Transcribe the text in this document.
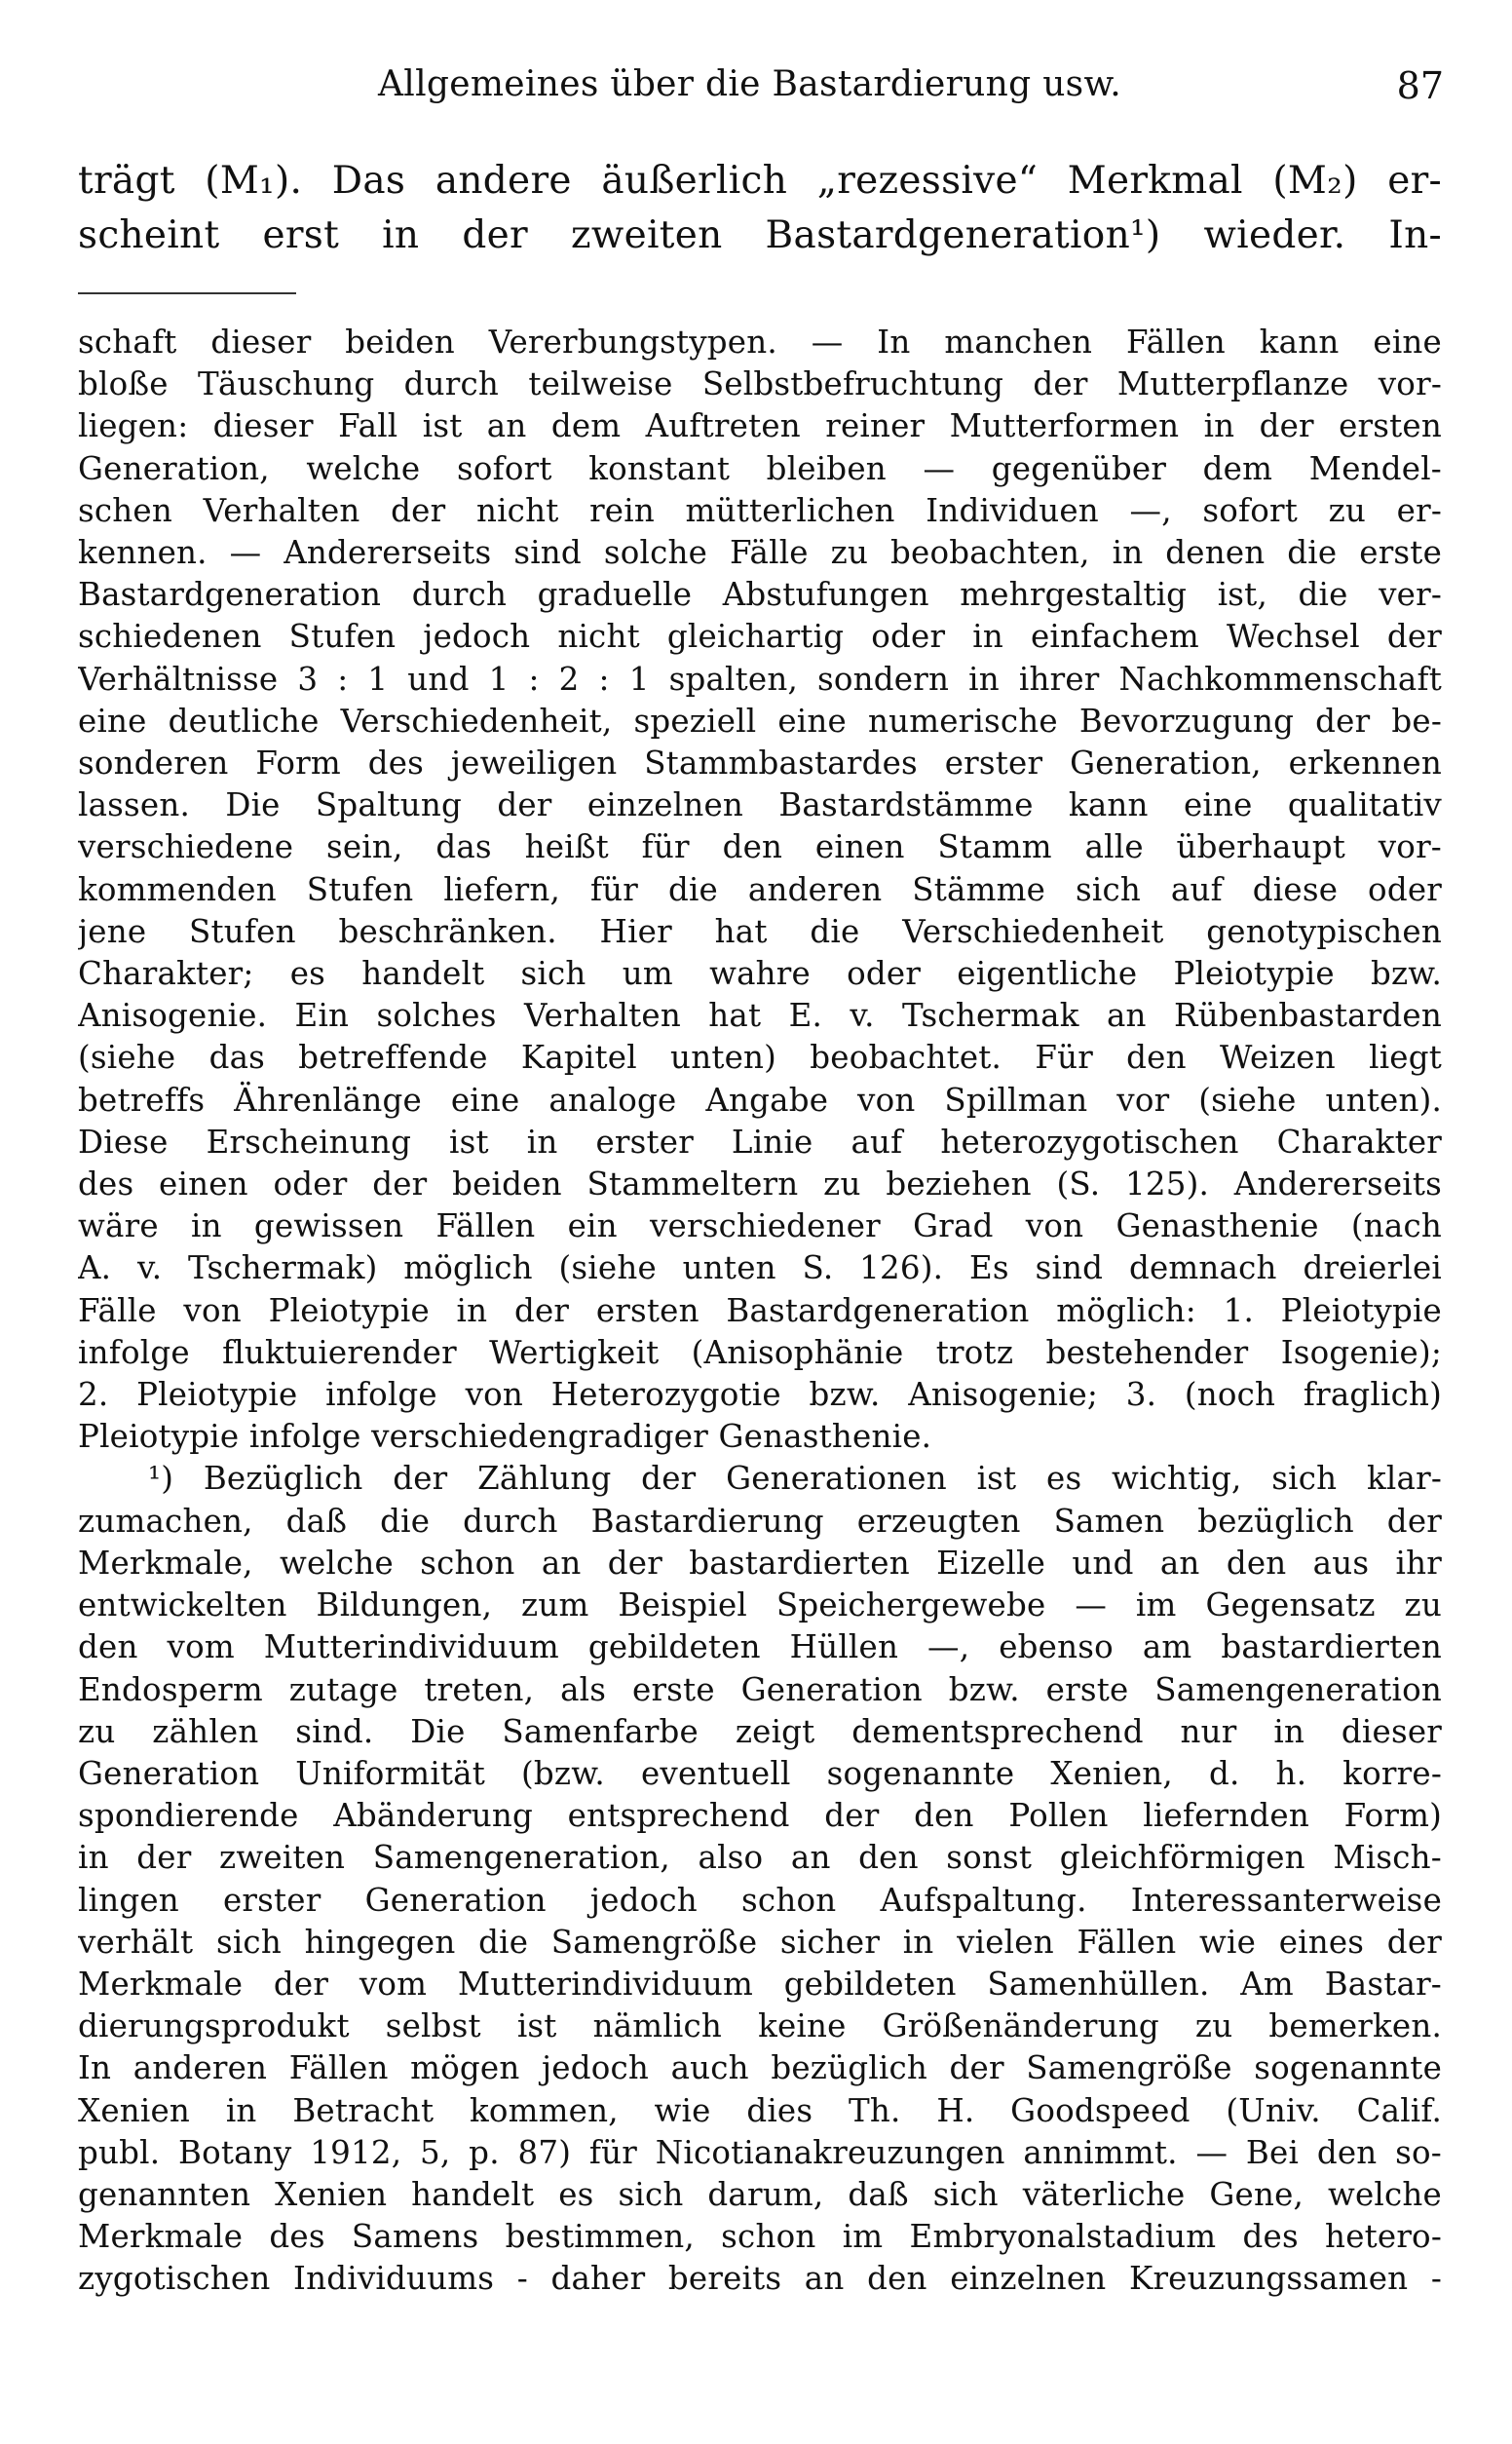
Allgemeines über die Bastardierung usw.	87
trägt (M₁). Das andere äußerlich „rezessive“ Merkmal (M₂) er-
scheint erst in der zweiten Bastardgeneration¹) wieder. In-
schaft dieser beiden Vererbungstypen. — In manchen Fällen kann eine
bloße Täuschung durch teilweise Selbstbefruchtung der Mutterpflanze vor-
liegen: dieser Fall ist an dem Auftreten reiner Mutterformen in der ersten
Generation, welche sofort konstant bleiben — gegenüber dem Mendel-
schen Verhalten der nicht rein mütterlichen Individuen —, sofort zu er-
kennen. — Andererseits sind solche Fälle zu beobachten, in denen die erste
Bastardgeneration durch graduelle Abstufungen mehrgestaltig ist, die ver-
schiedenen Stufen jedoch nicht gleichartig oder in einfachem Wechsel der
Verhältnisse 3 : 1 und 1 : 2 : 1 spalten, sondern in ihrer Nachkommenschaft
eine deutliche Verschiedenheit, speziell eine numerische Bevorzugung der be-
sonderen Form des jeweiligen Stammbastardes erster Generation, erkennen
lassen. Die Spaltung der einzelnen Bastardstämme kann eine qualitativ
verschiedene sein, das heißt für den einen Stamm alle überhaupt vor-
kommenden Stufen liefern, für die anderen Stämme sich auf diese oder
jene Stufen beschränken. Hier hat die Verschiedenheit genotypischen
Charakter; es handelt sich um wahre oder eigentliche Pleiotypie bzw.
Anisogenie. Ein solches Verhalten hat E. v. Tschermak an Rübenbastarden
(siehe das betreffende Kapitel unten) beobachtet. Für den Weizen liegt
betreffs Ährenlänge eine analoge Angabe von Spillman vor (siehe unten).
Diese Erscheinung ist in erster Linie auf heterozygotischen Charakter
des einen oder der beiden Stammeltern zu beziehen (S. 125). Andererseits
wäre in gewissen Fällen ein verschiedener Grad von Genasthenie (nach
A. v. Tschermak) möglich (siehe unten S. 126). Es sind demnach dreierlei
Fälle von Pleiotypie in der ersten Bastardgeneration möglich: 1. Pleiotypie
infolge fluktuierender Wertigkeit (Anisophänie trotz bestehender Isogenie);
2. Pleiotypie infolge von Heterozygotie bzw. Anisogenie; 3. (noch fraglich)
Pleiotypie infolge verschiedengradiger Genasthenie.
¹) Bezüglich der Zählung der Generationen ist es wichtig, sich klar-
zumachen, daß die durch Bastardierung erzeugten Samen bezüglich der
Merkmale, welche schon an der bastardierten Eizelle und an den aus ihr
entwickelten Bildungen, zum Beispiel Speichergewebe — im Gegensatz zu
den vom Mutterindividuum gebildeten Hüllen —, ebenso am bastardierten
Endosperm zutage treten, als erste Generation bzw. erste Samengeneration
zu zählen sind. Die Samenfarbe zeigt dementsprechend nur in dieser
Generation Uniformität (bzw. eventuell sogenannte Xenien, d. h. korre-
spondierende Abänderung entsprechend der den Pollen liefernden Form)
in der zweiten Samengeneration, also an den sonst gleichförmigen Misch-
lingen erster Generation jedoch schon Aufspaltung. Interessanterweise
verhält sich hingegen die Samengröße sicher in vielen Fällen wie eines der
Merkmale der vom Mutterindividuum gebildeten Samenhüllen. Am Bastar-
dierungsprodukt selbst ist nämlich keine Größenänderung zu bemerken.
In anderen Fällen mögen jedoch auch bezüglich der Samengröße sogenannte
Xenien in Betracht kommen, wie dies Th. H. Goodspeed (Univ. Calif.
publ. Botany 1912, 5, p. 87) für Nicotianakreuzungen annimmt. — Bei den so-
genannten Xenien handelt es sich darum, daß sich väterliche Gene, welche
Merkmale des Samens bestimmen, schon im Embryonalstadium des hetero-
zygotischen Individuums - daher bereits an den einzelnen Kreuzungssamen -
